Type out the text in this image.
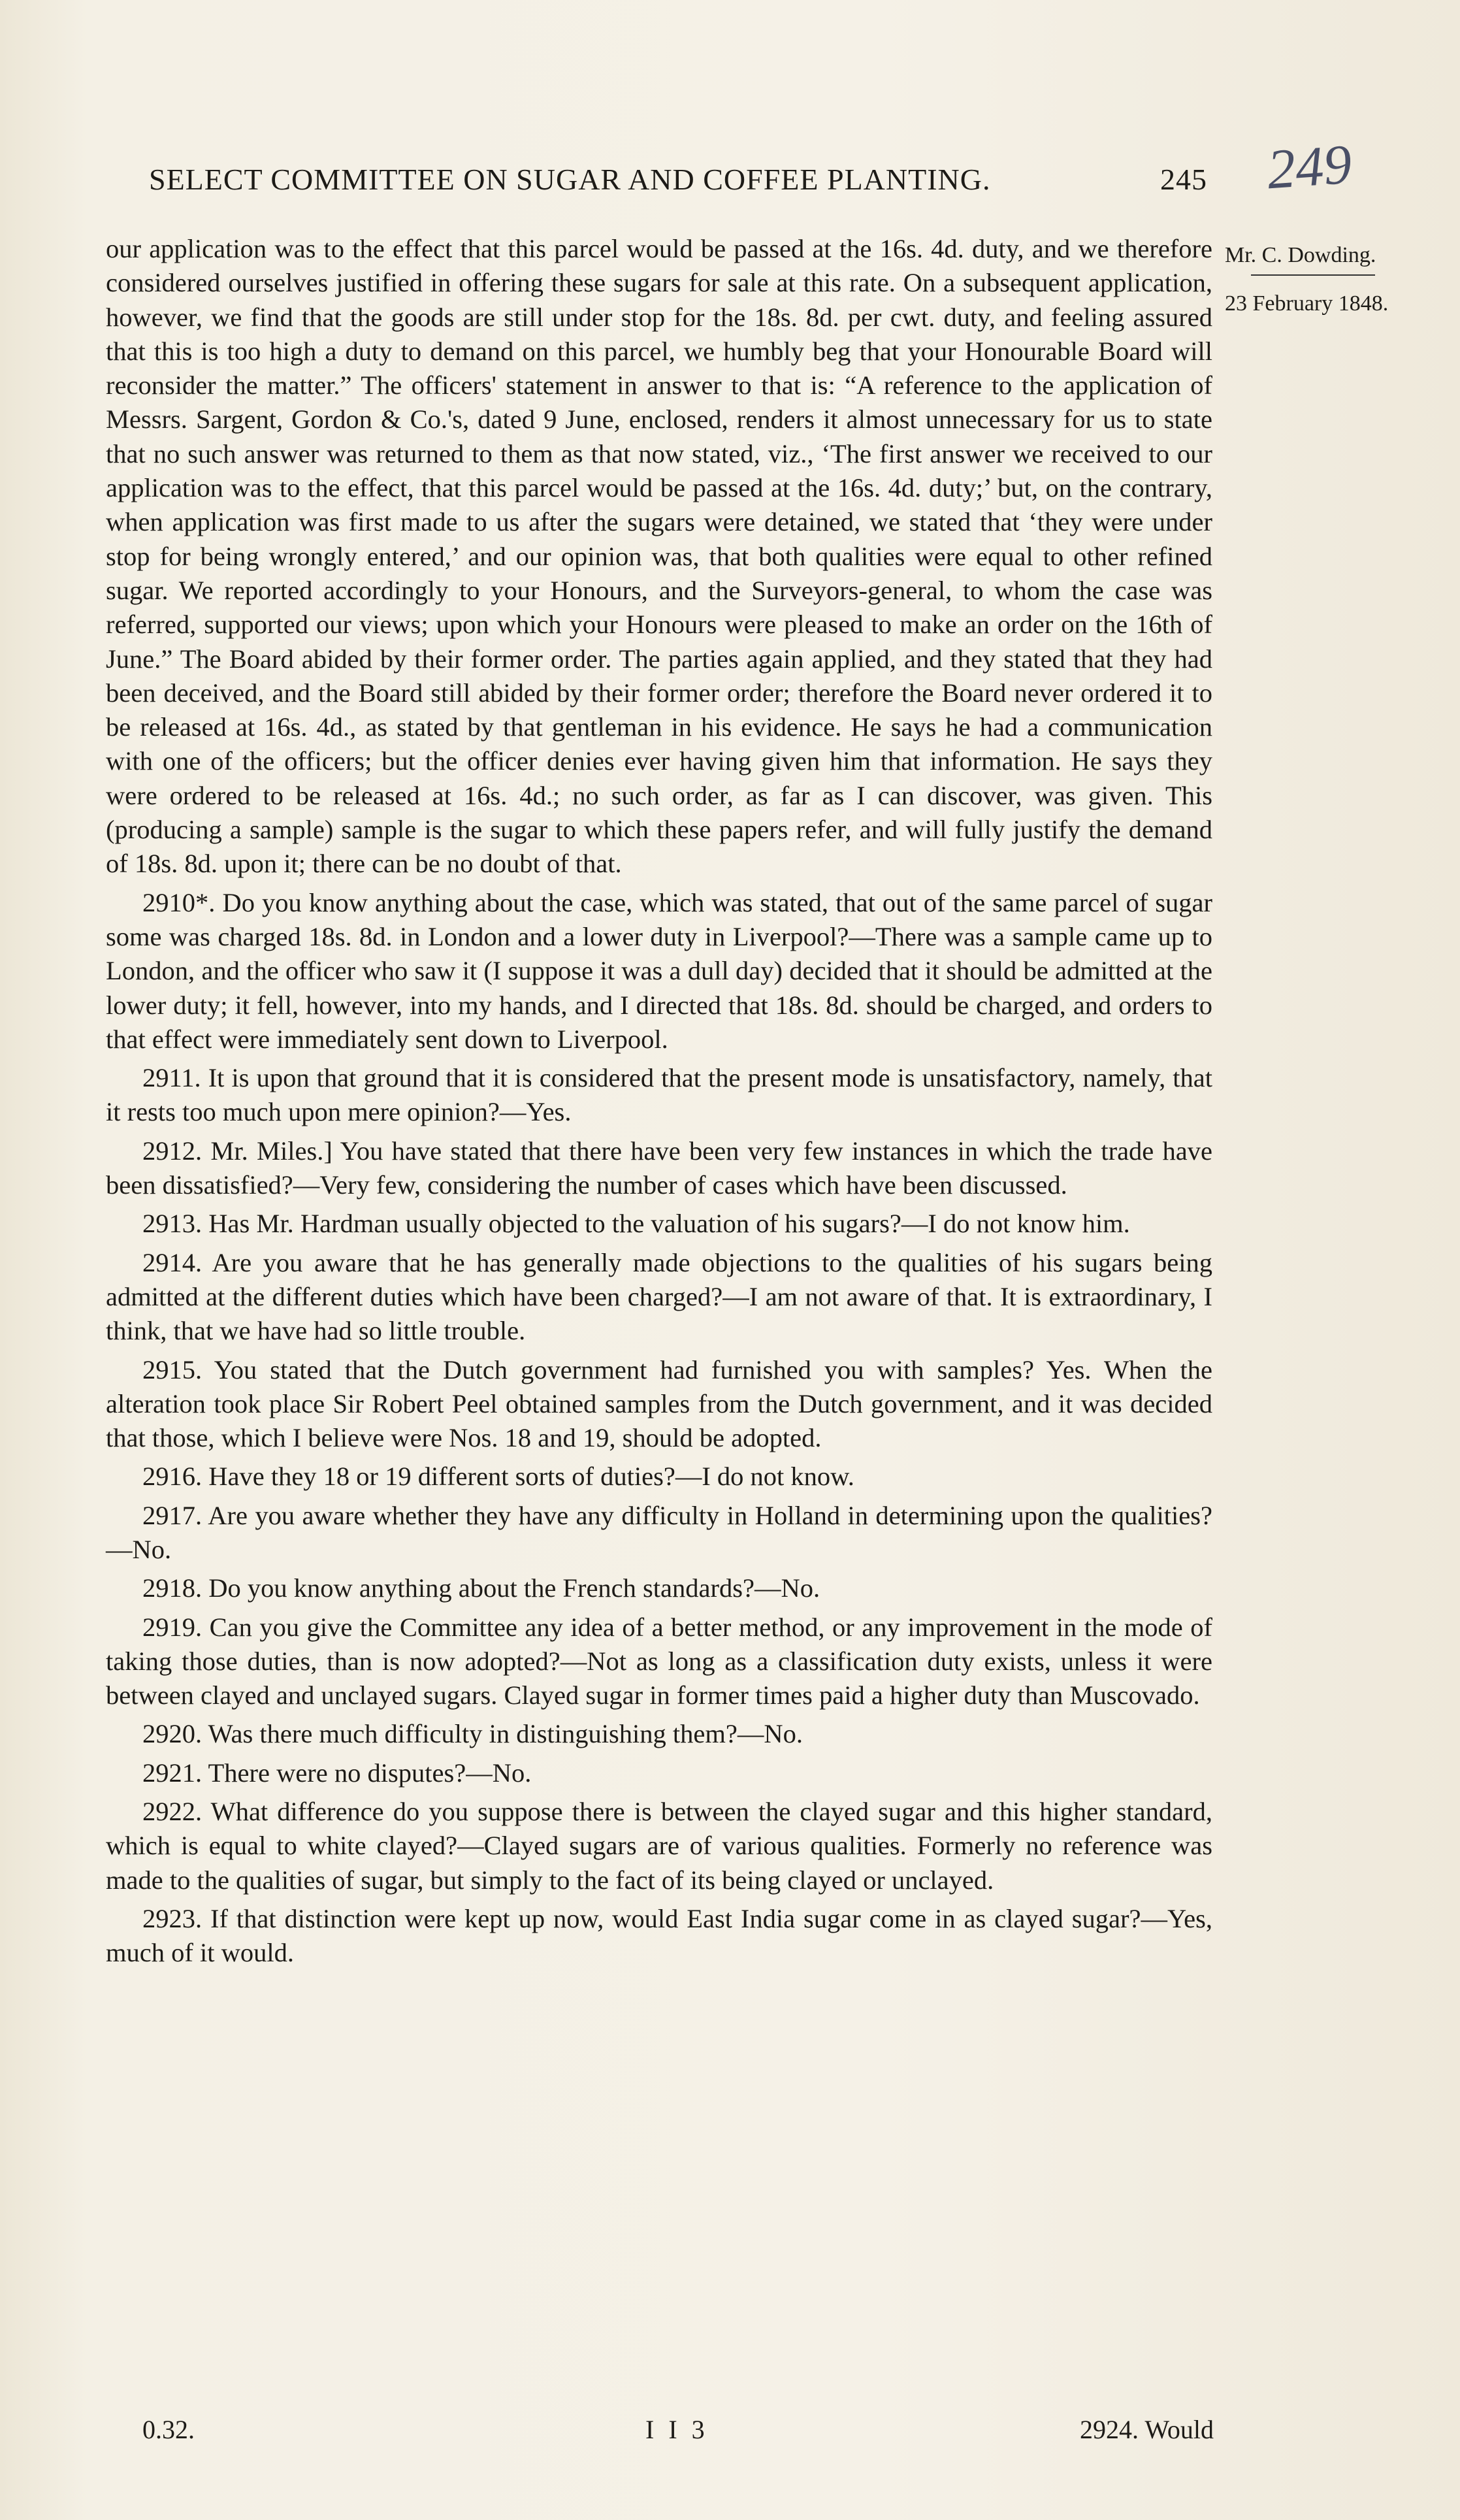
SELECT COMMITTEE ON SUGAR AND COFFEE PLANTING.	245 249
Mr. C. Dowding.
23 February 1848.

our application was to the effect that this parcel would be passed at the 16s. 4d. duty, and we therefore considered ourselves justified in offering these sugars for sale at this rate. On a subsequent application, however, we find that the goods are still under stop for the 18s. 8d. per cwt. duty, and feeling assured that this is too high a duty to demand on this parcel, we humbly beg that your Honourable Board will reconsider the matter.” The officers' statement in answer to that is: “A reference to the application of Messrs. Sargent, Gordon & Co.'s, dated 9 June, enclosed, renders it almost unnecessary for us to state that no such answer was returned to them as that now stated, viz., ‘The first answer we received to our application was to the effect, that this parcel would be passed at the 16s. 4d. duty;’ but, on the contrary, when application was first made to us after the sugars were detained, we stated that ‘they were under stop for being wrongly entered,’ and our opinion was, that both qualities were equal to other refined sugar. We reported accordingly to your Honours, and the Surveyors-general, to whom the case was referred, supported our views; upon which your Honours were pleased to make an order on the 16th of June.” The Board abided by their former order. The parties again applied, and they stated that they had been deceived, and the Board still abided by their former order; therefore the Board never ordered it to be released at 16s. 4d., as stated by that gentleman in his evidence. He says he had a communication with one of the officers; but the officer denies ever having given him that information. He says they were ordered to be released at 16s. 4d.; no such order, as far as I can discover, was given. This (producing a sample) sample is the sugar to which these papers refer, and will fully justify the demand of 18s. 8d. upon it; there can be no doubt of that.

2910*. Do you know anything about the case, which was stated, that out of the same parcel of sugar some was charged 18s. 8d. in London and a lower duty in Liverpool?—There was a sample came up to London, and the officer who saw it (I suppose it was a dull day) decided that it should be admitted at the lower duty; it fell, however, into my hands, and I directed that 18s. 8d. should be charged, and orders to that effect were immediately sent down to Liverpool.

2911. It is upon that ground that it is considered that the present mode is unsatisfactory, namely, that it rests too much upon mere opinion?—Yes.

2912. Mr. Miles.] You have stated that there have been very few instances in which the trade have been dissatisfied?—Very few, considering the number of cases which have been discussed.

2913. Has Mr. Hardman usually objected to the valuation of his sugars?—I do not know him.

2914. Are you aware that he has generally made objections to the qualities of his sugars being admitted at the different duties which have been charged?—I am not aware of that. It is extraordinary, I think, that we have had so little trouble.

2915. You stated that the Dutch government had furnished you with samples? Yes. When the alteration took place Sir Robert Peel obtained samples from the Dutch government, and it was decided that those, which I believe were Nos. 18 and 19, should be adopted.

2916. Have they 18 or 19 different sorts of duties?—I do not know.

2917. Are you aware whether they have any difficulty in Holland in determining upon the qualities?—No.

2918. Do you know anything about the French standards?—No.

2919. Can you give the Committee any idea of a better method, or any improvement in the mode of taking those duties, than is now adopted?—Not as long as a classification duty exists, unless it were between clayed and unclayed sugars. Clayed sugar in former times paid a higher duty than Muscovado.

2920. Was there much difficulty in distinguishing them?—No.

2921. There were no disputes?—No.

2922. What difference do you suppose there is between the clayed sugar and this higher standard, which is equal to white clayed?—Clayed sugars are of various qualities. Formerly no reference was made to the qualities of sugar, but simply to the fact of its being clayed or unclayed.

2923. If that distinction were kept up now, would East India sugar come in as clayed sugar?—Yes, much of it would.

0.32.	I I 3	2924. Would
